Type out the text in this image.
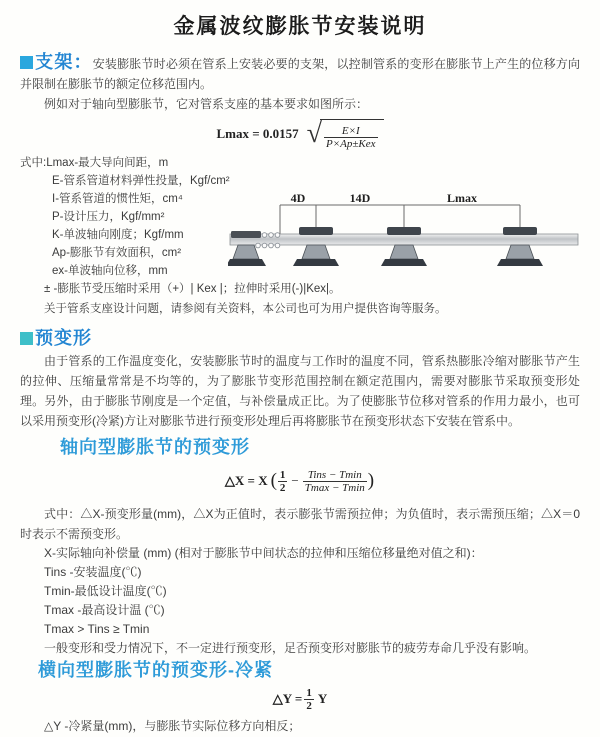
金属波纹膨胀节安装说明
支架：安装膨胀节时必须在管系上安装必要的支架，以控制管系的变形在膨胀节上产生的位移方向并限制在膨胀节的额定位移范围内。

例如对于轴向型膨胀节，它对管系支座的基本要求如图所示：

Lmax = 0.0157 √ $\frac{E\times I}{\text{P×Ap±Kex}}$
式中:Lmax-最大导向间距，m
E-管系管道材料弹性投量，Kgf/cm²
I-管系管道的惯性矩，cm⁴
P-设计压力，Kgf/mm²
K-单波轴向刚度；Kgf/mm
Ap-膨胀节有效面积，cm²
ex-单波轴向位移，mm
4D	14D	Lmax

± -膨胀节受压缩时采用（+）| Kex |；拉伸时采用(-)|Kex|。

关于管系支座设计问题，请参阅有关资料，本公司也可为用户提供咨询等服务。

预变形

由于管系的工作温度变化，安装膨胀节时的温度与工作时的温度不同，管系热膨胀冷缩对膨胀节产生的拉伸、压缩量常常是不均等的，为了膨胀节变形范围控制在额定范围内，需要对膨胀节采取预变形处理。另外，由于膨胀节刚度是一个定值，与补偿量成正比。为了使膨胀节位移对管系的作用力最小，也可以采用预变形(冷紧)方让对膨胀节进行预变形处理后再将膨胀节在预变形状态下安装在管系中。

轴向型膨胀节的预变形
△X = X ( $\frac{1}{2} - \frac{\text{Tins − Tmin}}{Tmax - Tmin}$ )

式中：△X-预变形量(mm)，△X为正值时，表示膨张节需预拉伸；为负值时，表示需预压缩；△X＝0时表示不需预变形。

X-实际轴向补偿量 (mm) (相对于膨胀节中间状态的拉伸和压缩位移量绝对值之和)：
Tins -安装温度(℃)
Tmin-最低设计温度(℃)
Tmax -最高设计温 (℃)
Tmax > Tins ≥ Tmin
一般变形和受力情况下，不一定进行预变形，足否预变形对膨胀节的疲劳寿命几乎没有影响。
横向型膨胀节的预变形-冷紧
△Y = $\frac{1}{2}$ Y
△Y -冷紧量(mm)，与膨胀节实际位移方向相反；
